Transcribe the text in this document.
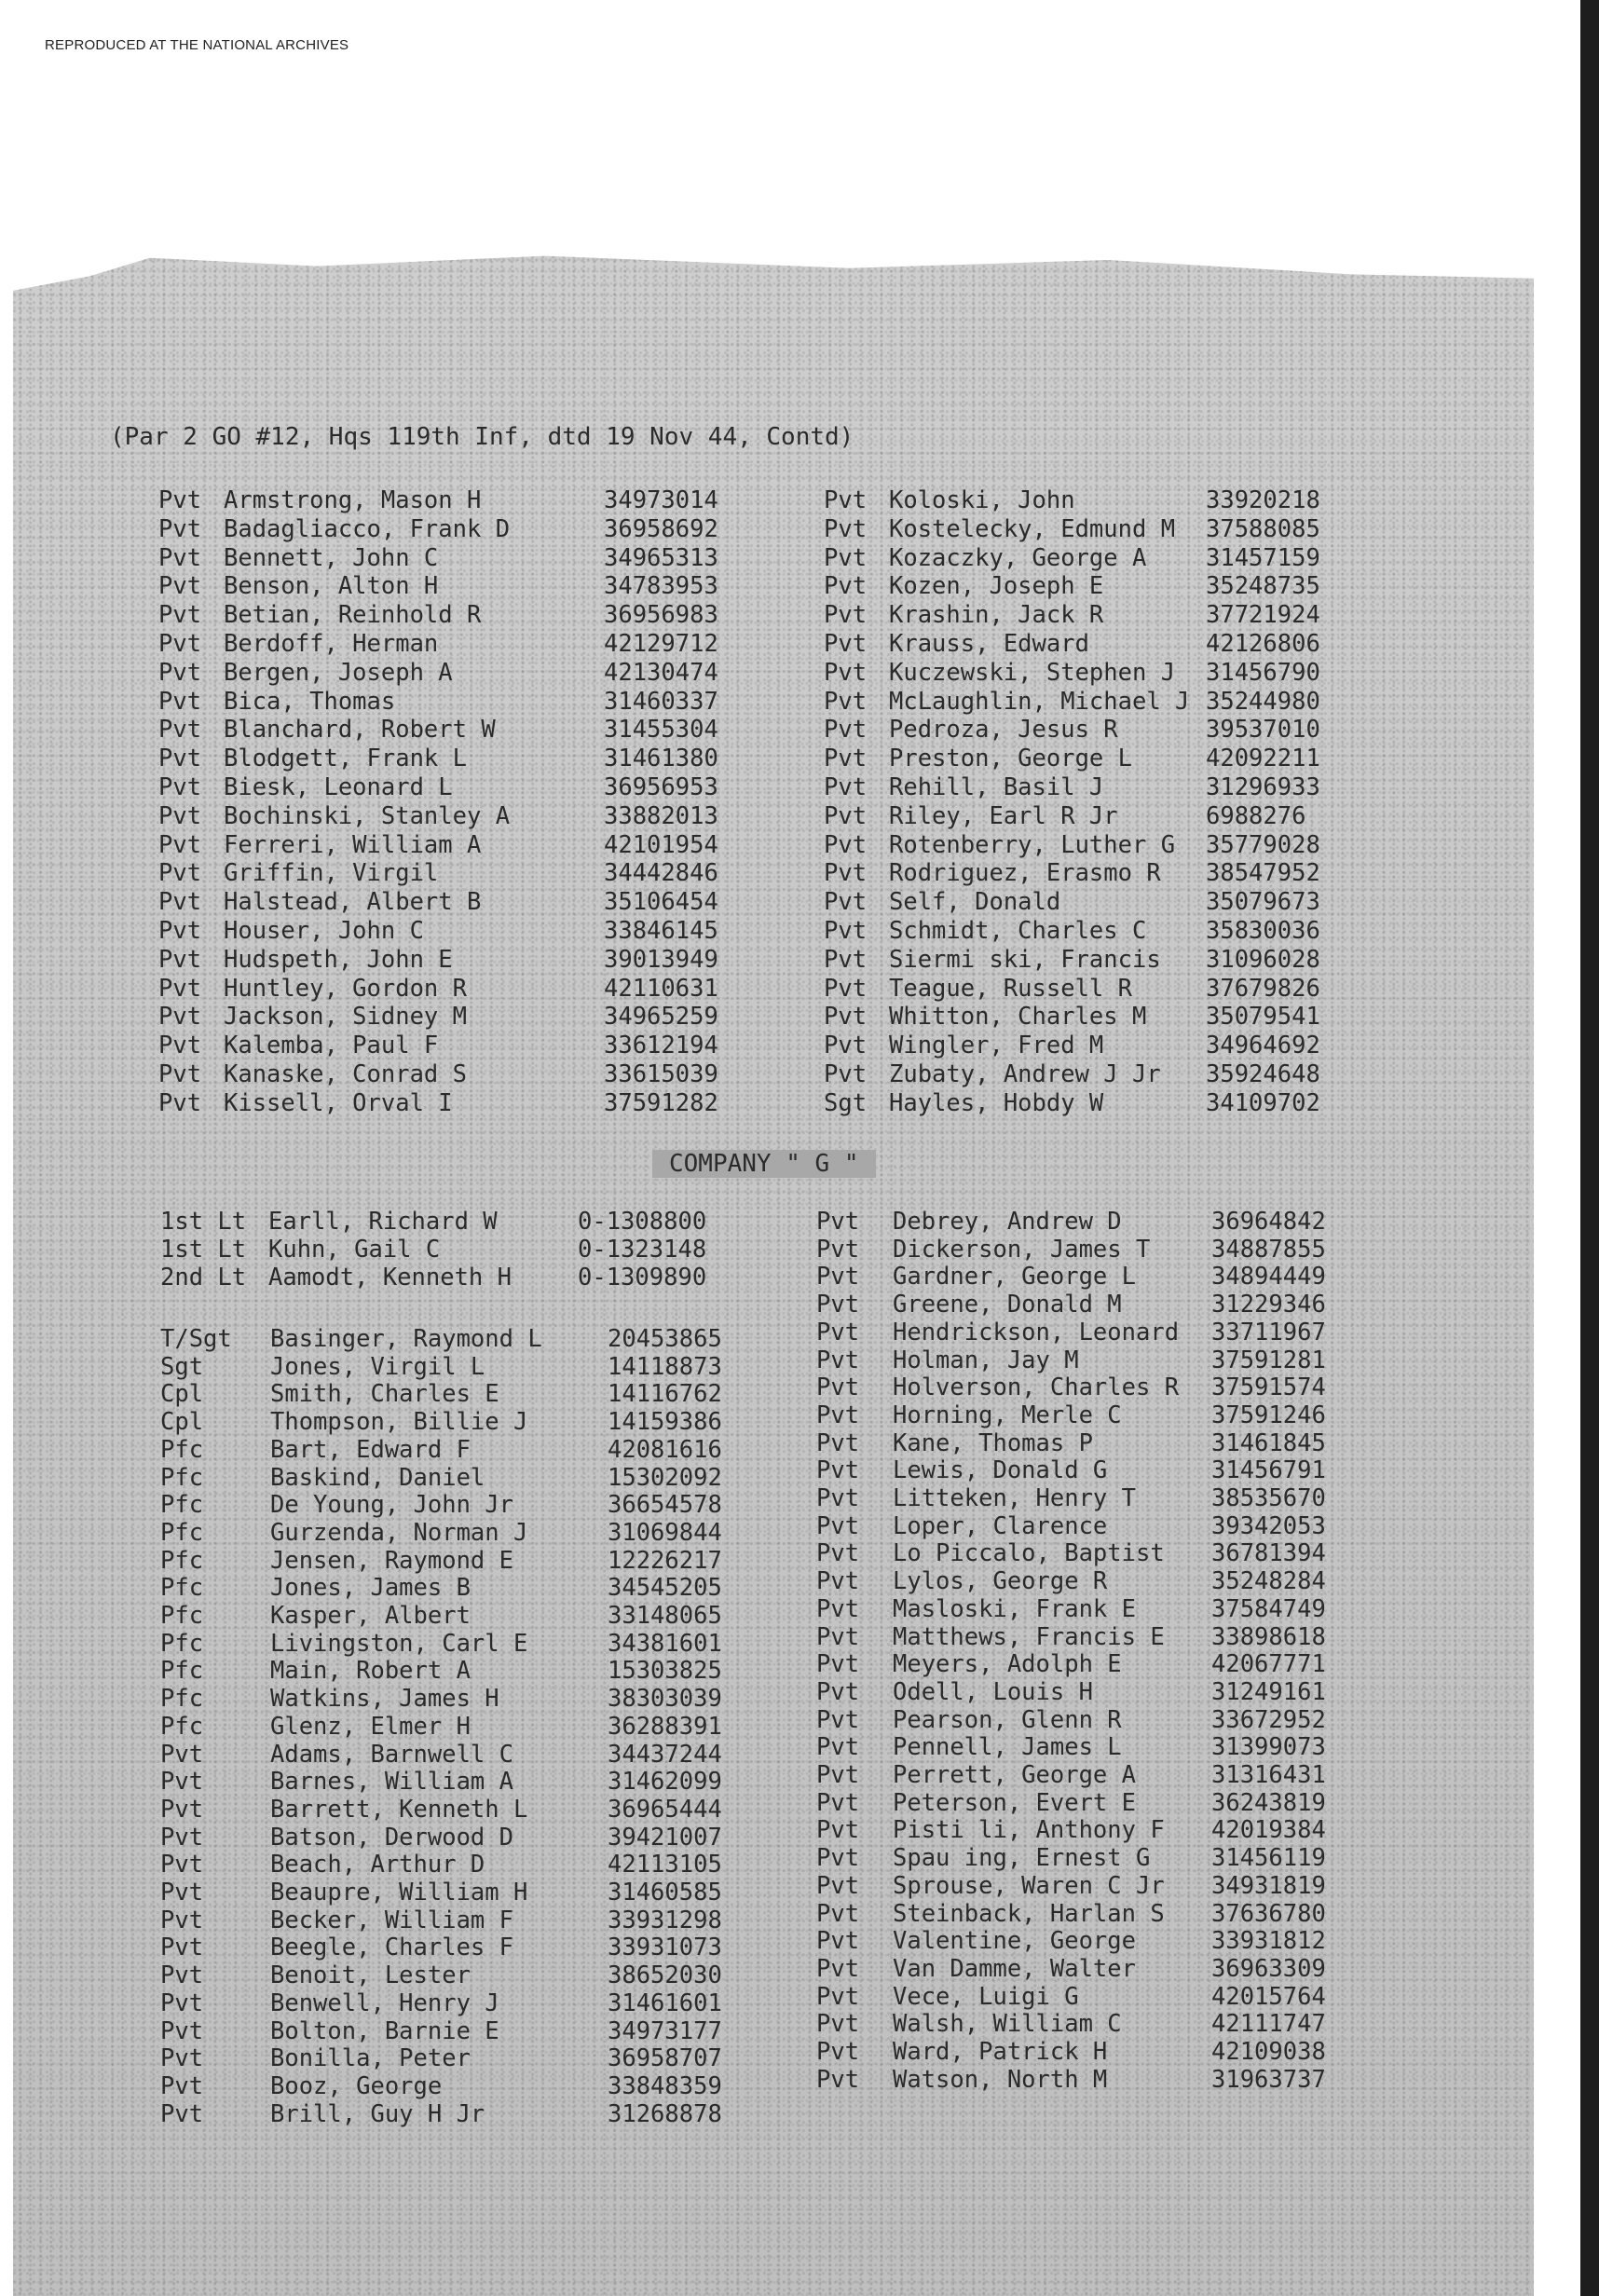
REPRODUCED AT THE NATIONAL ARCHIVES
(Par 2 GO #12, Hqs 119th Inf, dtd 19 Nov 44, Contd)
Pvt Armstrong, Mason H	34973014
Pvt Badagliacco, Frank D	36958692
Pvt Bennett, John C	34965313
Pvt Benson, Alton H	34783953
Pvt Betian, Reinhold R	36956983
Pvt Berdoff, Herman	42129712
Pvt Bergen, Joseph A	42130474
Pvt Bica, Thomas	31460337
Pvt Blanchard, Robert W	31455304
Pvt Blodgett, Frank L	31461380
Pvt Biesk, Leonard L	36956953
Pvt Bochinski, Stanley A	33882013
Pvt Ferreri, William A	42101954
Pvt Griffin, Virgil	34442846
Pvt Halstead, Albert B	35106454
Pvt Houser, John C	33846145
Pvt Hudspeth, John E	39013949
Pvt Huntley, Gordon R	42110631
Pvt Jackson, Sidney M	34965259
Pvt Kalemba, Paul F	33612194
Pvt Kanaske, Conrad S	33615039
Pvt Kissell, Orval I	37591282
Pvt Koloski, John	33920218
Pvt Kostelecky, Edmund M 37588085
Pvt Kozaczky, George A 31457159
Pvt Kozen, Joseph E	35248735
Pvt Krashin, Jack R	37721924
Pvt Krauss, Edward	42126806
Pvt Kuczewski, Stephen J 31456790
Pvt McLaughlin, Michael J 35244980
Pvt Pedroza, Jesus R	39537010
Pvt Preston, George L	42092211
Pvt Rehill, Basil J	31296933
Pvt Riley, Earl R Jr	6988276
Pvt Rotenberry, Luther G 35779028
Pvt Rodriguez, Erasmo R 38547952
Pvt Self, Donald	35079673
Pvt Schmidt, Charles C 35830036
Pvt Siermi ski, Francis 31096028
Pvt Teague, Russell R	37679826
Pvt Whitton, Charles M 35079541
Pvt Wingler, Fred M	34964692
Pvt Zubaty, Andrew J Jr 35924648
Sgt Hayles, Hobdy W	34109702
COMPANY " G "
1st Lt Earll, Richard W	0-1308800
1st Lt Kuhn, Gail C	0-1323148
2nd Lt Aamodt, Kenneth H	0-1309890
T/Sgt Basinger, Raymond L	20453865
Sgt	Jones, Virgil L	14118873
Cpl	Smith, Charles E	14116762
Cpl	Thompson, Billie J	14159386
Pfc	Bart, Edward F	42081616
Pfc	Baskind, Daniel	15302092
Pfc	De Young, John Jr	36654578
Pfc	Gurzenda, Norman J	31069844
Pfc	Jensen, Raymond E	12226217
Pfc	Jones, James B	34545205
Pfc	Kasper, Albert	33148065
Pfc	Livingston, Carl E	34381601
Pfc	Main, Robert A	15303825
Pfc	Watkins, James H	38303039
Pfc	Glenz, Elmer H	36288391
Pvt	Adams, Barnwell C	34437244
Pvt	Barnes, William A	31462099
Pvt	Barrett, Kenneth L	36965444
Pvt	Batson, Derwood D	39421007
Pvt	Beach, Arthur D	42113105
Pvt	Beaupre, William H	31460585
Pvt	Becker, William F	33931298
Pvt	Beegle, Charles F	33931073
Pvt	Benoit, Lester	38652030
Pvt	Benwell, Henry J	31461601
Pvt	Bolton, Barnie E	34973177
Pvt	Bonilla, Peter	36958707
Pvt	Booz, George	33848359
Pvt	Brill, Guy H Jr	31268878
Pvt Debrey, Andrew D	36964842
Pvt Dickerson, James T	34887855
Pvt Gardner, George L	34894449
Pvt Greene, Donald M	31229346
Pvt Hendrickson, Leonard 33711967
Pvt Holman, Jay M	37591281
Pvt Holverson, Charles R 37591574
Pvt Horning, Merle C	37591246
Pvt Kane, Thomas P	31461845
Pvt Lewis, Donald G	31456791
Pvt Litteken, Henry T	38535670
Pvt Loper, Clarence	39342053
Pvt Lo Piccalo, Baptist 36781394
Pvt Lylos, George R	35248284
Pvt Masloski, Frank E	37584749
Pvt Matthews, Francis E 33898618
Pvt Meyers, Adolph E	42067771
Pvt Odell, Louis H	31249161
Pvt Pearson, Glenn R	33672952
Pvt Pennell, James L	31399073
Pvt Perrett, George A	31316431
Pvt Peterson, Evert E	36243819
Pvt Pisti li, Anthony F 42019384
Pvt Spau ing, Ernest G	31456119
Pvt Sprouse, Waren C Jr 34931819
Pvt Steinback, Harlan S 37636780
Pvt Valentine, George	33931812
Pvt Van Damme, Walter	36963309
Pvt Vece, Luigi G	42015764
Pvt Walsh, William C	42111747
Pvt Ward, Patrick H	42109038
Pvt Watson, North M	31963737
